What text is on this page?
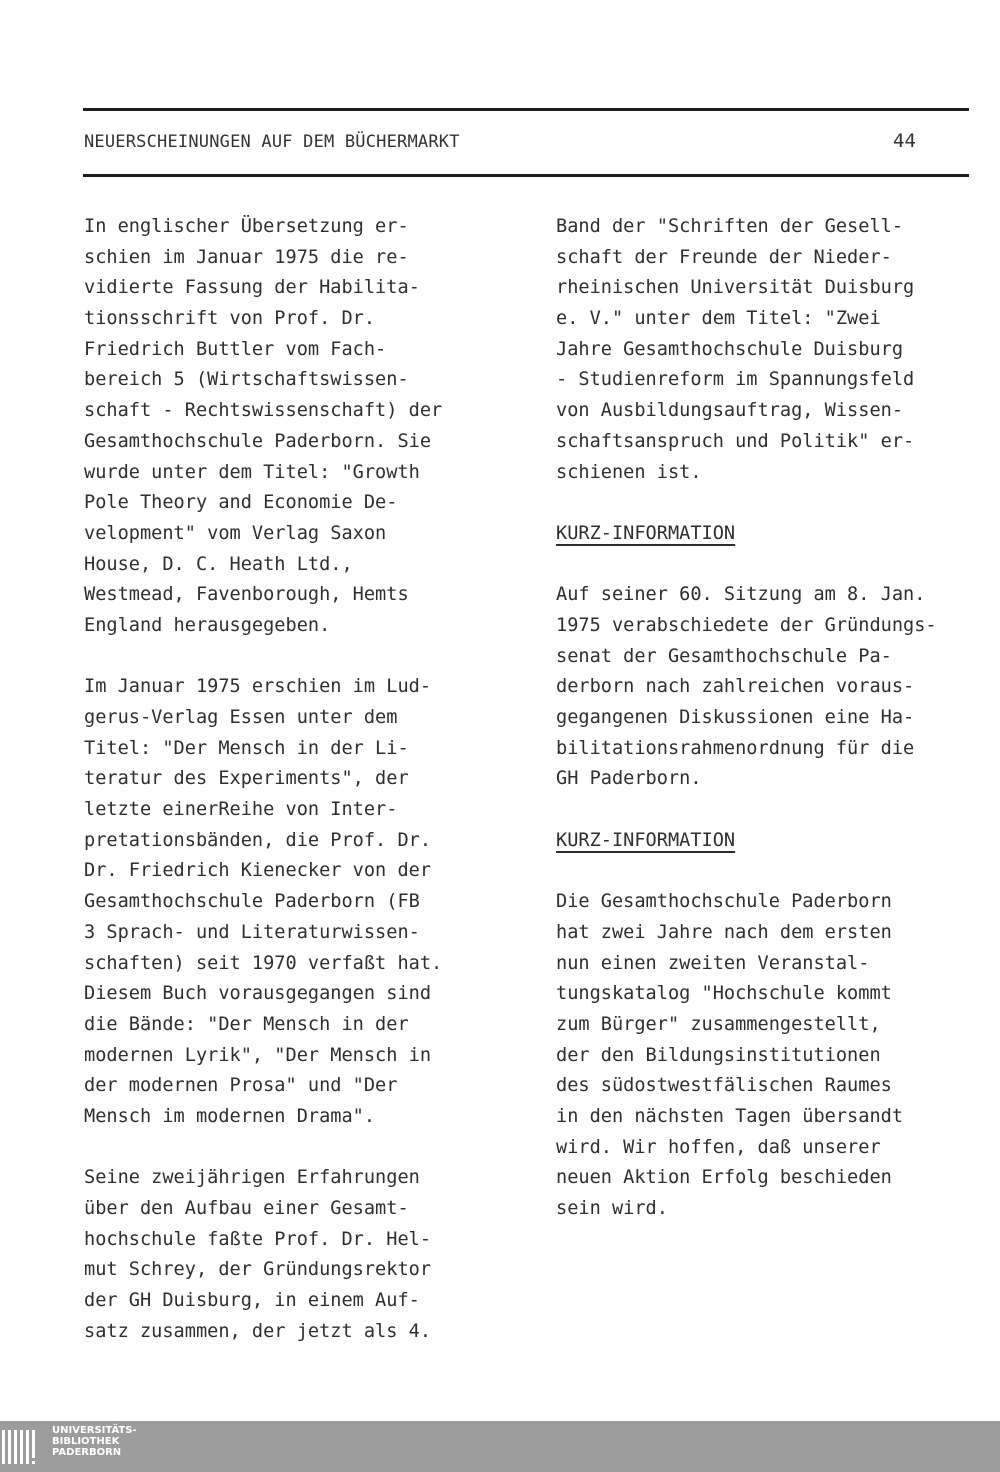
NEUERSCHEINUNGEN AUF DEM BÜCHERMARKT	44
In englischer Übersetzung er-
schien im Januar 1975 die re-
vidierte Fassung der Habilita-
tionsschrift von Prof. Dr.
Friedrich Buttler vom Fach-
bereich 5 (Wirtschaftswissen-
schaft - Rechtswissenschaft) der
Gesamthochschule Paderborn. Sie
wurde unter dem Titel: "Growth
Pole Theory and Economie De-
velopment" vom Verlag Saxon
House, D. C. Heath Ltd.,
Westmead, Favenborough, Hemts
England herausgegeben.
Im Januar 1975 erschien im Lud-
gerus-Verlag Essen unter dem
Titel: "Der Mensch in der Li-
teratur des Experiments", der
letzte einerReihe von Inter-
pretationsbänden, die Prof. Dr.
Dr. Friedrich Kienecker von der
Gesamthochschule Paderborn (FB
3 Sprach- und Literaturwissen-
schaften) seit 1970 verfaßt hat.
Diesem Buch vorausgegangen sind
die Bände: "Der Mensch in der
modernen Lyrik", "Der Mensch in
der modernen Prosa" und "Der
Mensch im modernen Drama".
Seine zweijährigen Erfahrungen
über den Aufbau einer Gesamt-
hochschule faßte Prof. Dr. Hel-
mut Schrey, der Gründungsrektor
der GH Duisburg, in einem Auf-
satz zusammen, der jetzt als 4.
Band der "Schriften der Gesell-
schaft der Freunde der Nieder-
rheinischen Universität Duisburg
e. V." unter dem Titel: "Zwei
Jahre Gesamthochschule Duisburg
- Studienreform im Spannungsfeld
von Ausbildungsauftrag, Wissen-
schaftsanspruch und Politik" er-
schienen ist.
KURZ-INFORMATION
Auf seiner 60. Sitzung am 8. Jan.
1975 verabschiedete der Gründungs-
senat der Gesamthochschule Pa-
derborn nach zahlreichen voraus-
gegangenen Diskussionen eine Ha-
bilitationsrahmenordnung für die
GH Paderborn.
KURZ-INFORMATION
Die Gesamthochschule Paderborn
hat zwei Jahre nach dem ersten
nun einen zweiten Veranstal-
tungskatalog "Hochschule kommt
zum Bürger" zusammengestellt,
der den Bildungsinstitutionen
des südostwestfälischen Raumes
in den nächsten Tagen übersandt
wird. Wir hoffen, daß unserer
neuen Aktion Erfolg beschieden
sein wird.
UNIVERSITÄTS-
BIBLIOTHEK
PADERBORN
